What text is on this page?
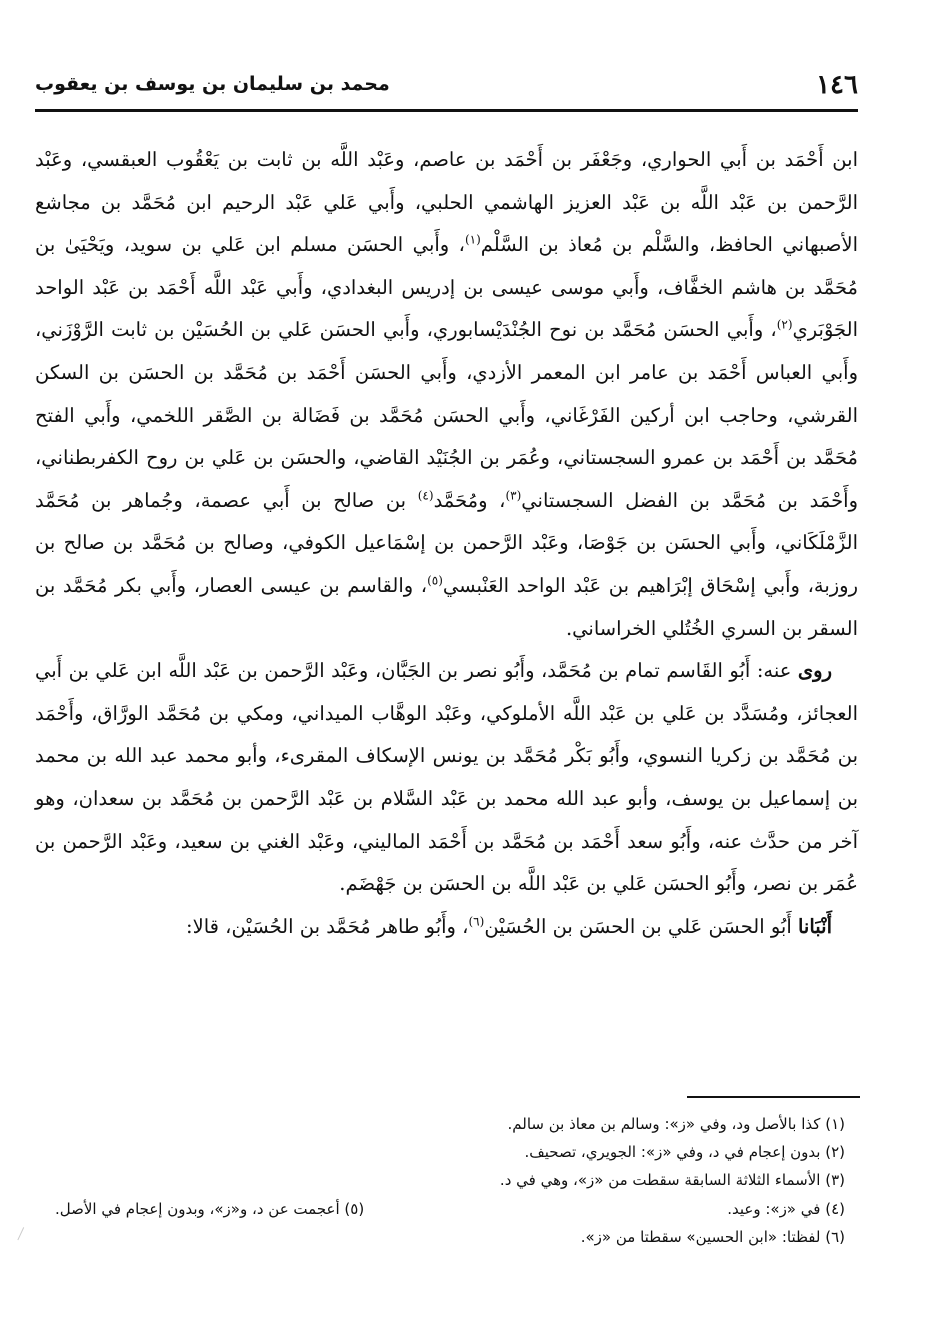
١٤٦
محمد بن سليمان بن يوسف بن يعقوب

ابن أَحْمَد بن أَبي الحواري، وجَعْفَر بن أَحْمَد بن عاصم، وعَبْد اللَّه بن ثابت بن يَعْقُوب العبقسي، وعَبْد الرَّحمن بن عَبْد اللَّه بن عَبْد العزيز الهاشمي الحلبي، وأَبي عَلي عَبْد الرحيم ابن مُحَمَّد بن مجاشع الأصبهاني الحافظ، والسَّلْم بن مُعاذ بن السَّلْم$^{(١)}$، وأَبي الحسَن مسلم ابن عَلي بن سويد، ويَحْيَىٰ بن مُحَمَّد بن هاشم الخفَّاف، وأَبي موسى عيسى بن إدريس البغدادي، وأَبي عَبْد اللَّه أَحْمَد بن عَبْد الواحد الجَوْبَري$^{(٢)}$، وأَبي الحسَن مُحَمَّد بن نوح الجُنْدَيْسابوري، وأَبي الحسَن عَلي بن الحُسَيْن بن ثابت الرَّوْزَني، وأَبي العباس أَحْمَد بن عامر ابن المعمر الأزدي، وأَبي الحسَن أَحْمَد بن مُحَمَّد بن الحسَن بن السكن القرشي، وحاجب ابن أركين الفَرْغَاني، وأَبي الحسَن مُحَمَّد بن فَضَالة بن الصَّقر اللخمي، وأَبي الفتح مُحَمَّد بن أَحْمَد بن عمرو السجستاني، وعُمَر بن الجُنَيْد القاضي، والحسَن بن عَلي بن روح الكفربطناني، وأَحْمَد بن مُحَمَّد بن الفضل السجستاني$^{(٣)}$، ومُحَمَّد$^{(٤)}$ بن صالح بن أَبي عصمة، وجُماهر بن مُحَمَّد الزَّمْلَكَاني، وأَبي الحسَن بن جَوْصَا، وعَبْد الرَّحمن بن إسْمَاعيل الكوفي، وصالح بن مُحَمَّد بن صالح بن روزبة، وأَبي إسْحَاق إبْرَاهيم بن عَبْد الواحد العَنْبسي$^{(٥)}$، والقاسم بن عيسى العصار، وأَبي بكر مُحَمَّد بن السقر بن السري الخُتُلي الخراساني.

روى عنه: أَبُو القَاسم تمام بن مُحَمَّد، وأَبُو نصر بن الجَبَّان، وعَبْد الرَّحمن بن عَبْد اللَّه ابن عَلي بن أَبي العجائز، ومُسَدَّد بن عَلي بن عَبْد اللَّه الأملوكي، وعَبْد الوهَّاب الميداني، ومكي بن مُحَمَّد الورَّاق، وأَحْمَد بن مُحَمَّد بن زكريا النسوي، وأَبُو بَكْر مُحَمَّد بن يونس الإسكاف المقرىء، وأبو محمد عبد الله بن محمد بن إسماعيل بن يوسف، وأبو عبد الله محمد بن عَبْد السَّلام بن عَبْد الرَّحمن بن مُحَمَّد بن سعدان، وهو آخر من حدَّث عنه، وأَبُو سعد أَحْمَد بن مُحَمَّد بن أَحْمَد الماليني، وعَبْد الغني بن سعيد، وعَبْد الرَّحمن بن عُمَر بن نصر، وأَبُو الحسَن عَلي بن عَبْد اللَّه بن الحسَن بن جَهْضَم.

أَنْبَانا أَبُو الحسَن عَلي بن الحسَن بن الحُسَيْن$^{(٦)}$، وأَبُو طاهر مُحَمَّد بن الحُسَيْن، قالا:

(١) كذا بالأصل ود، وفي «ز»: وسالم بن معاذ بن سالم.
(٢) بدون إعجام في د، وفي «ز»: الجويري، تصحيف.
(٣) الأسماء الثلاثة السابقة سقطت من «ز»، وهي في د.
(٤) في «ز»: وعيد.
(٥) أعجمت عن د، و«ز»، وبدون إعجام في الأصل.
(٦) لفظتا: «ابن الحسين» سقطتا من «ز».
